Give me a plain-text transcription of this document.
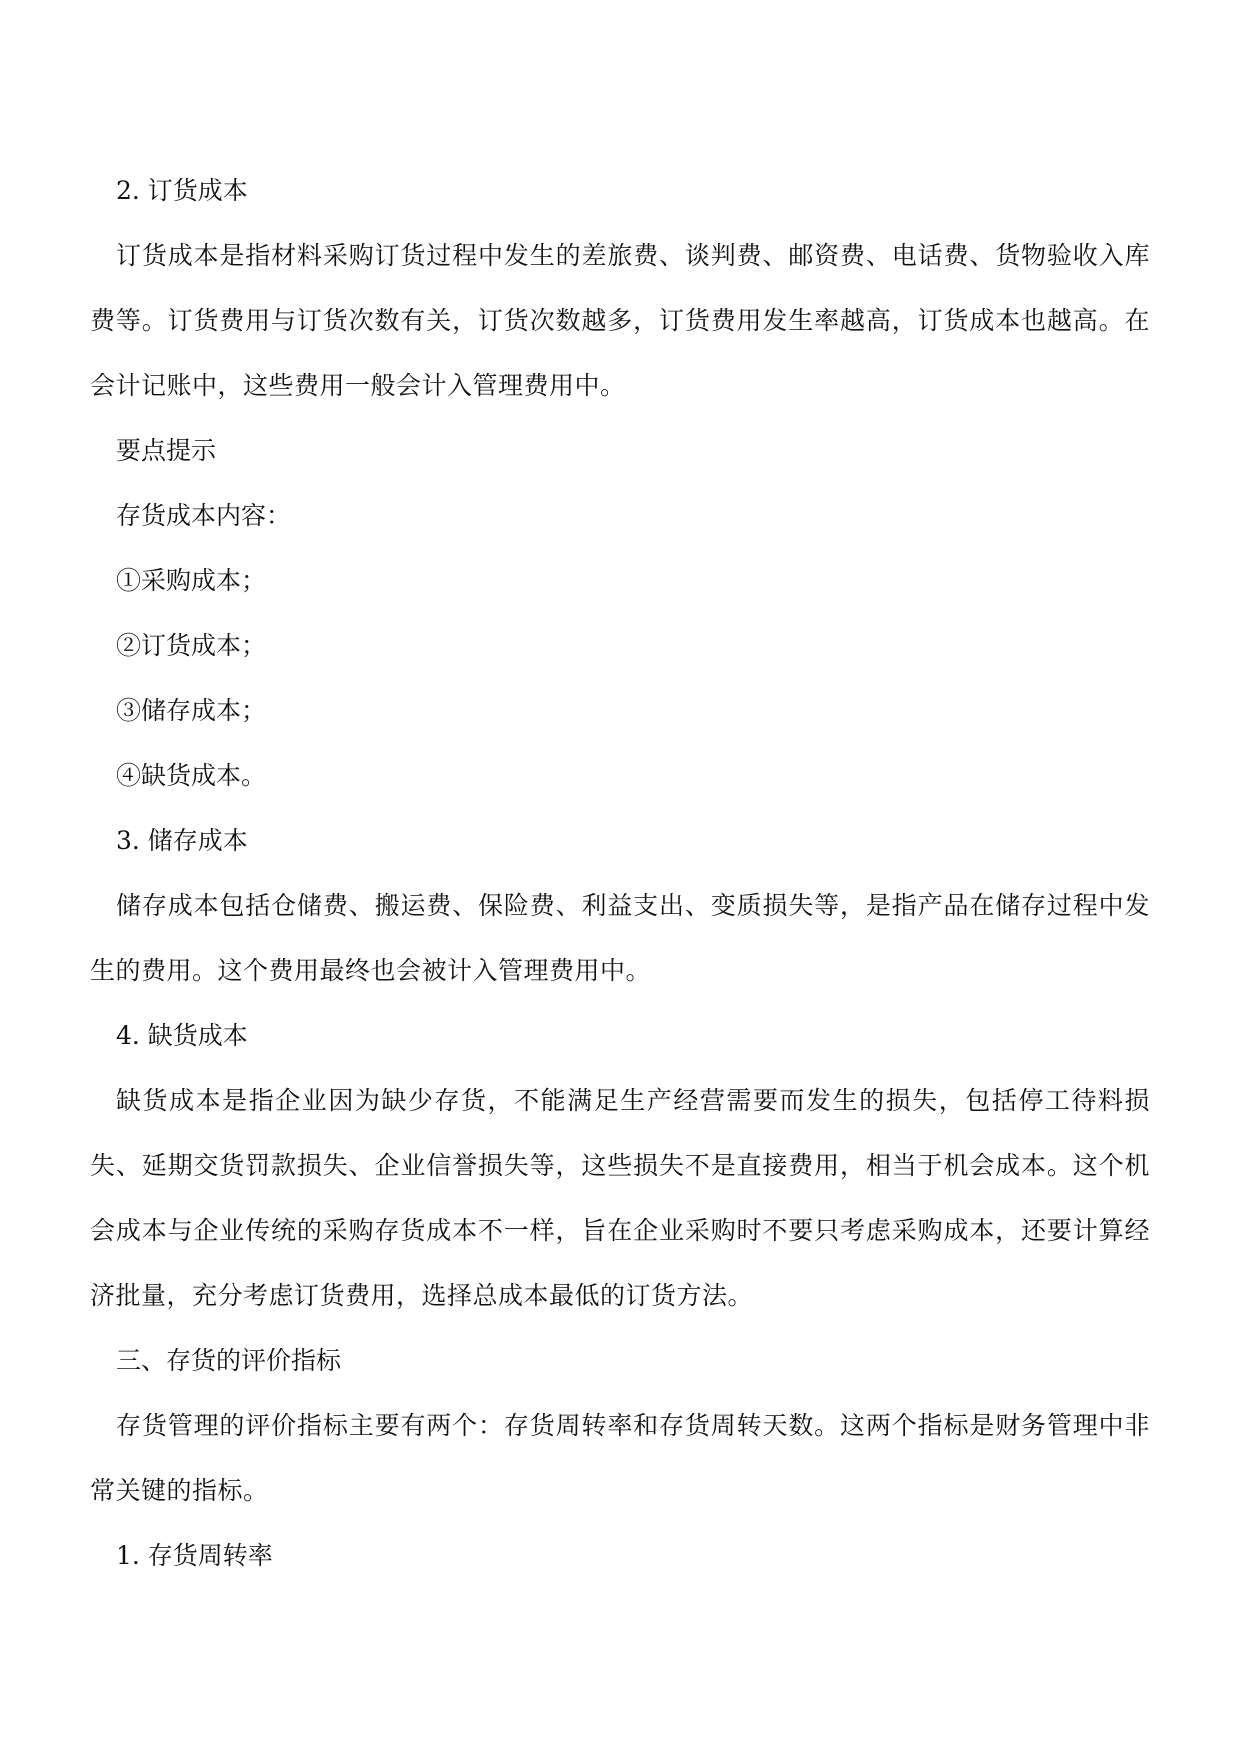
2. 订货成本

订货成本是指材料采购订货过程中发生的差旅费、谈判费、邮资费、电话费、货物验收入库费等。订货费用与订货次数有关，订货次数越多，订货费用发生率越高，订货成本也越高。在会计记账中，这些费用一般会计入管理费用中。

要点提示

存货成本内容：

①采购成本；

②订货成本；

③储存成本；

④缺货成本。

3. 储存成本

储存成本包括仓储费、搬运费、保险费、利益支出、变质损失等，是指产品在储存过程中发生的费用。这个费用最终也会被计入管理费用中。

4. 缺货成本

缺货成本是指企业因为缺少存货，不能满足生产经营需要而发生的损失，包括停工待料损失、延期交货罚款损失、企业信誉损失等，这些损失不是直接费用，相当于机会成本。这个机会成本与企业传统的采购存货成本不一样，旨在企业采购时不要只考虑采购成本，还要计算经济批量，充分考虑订货费用，选择总成本最低的订货方法。

三、存货的评价指标

存货管理的评价指标主要有两个：存货周转率和存货周转天数。这两个指标是财务管理中非常关键的指标。

1. 存货周转率
